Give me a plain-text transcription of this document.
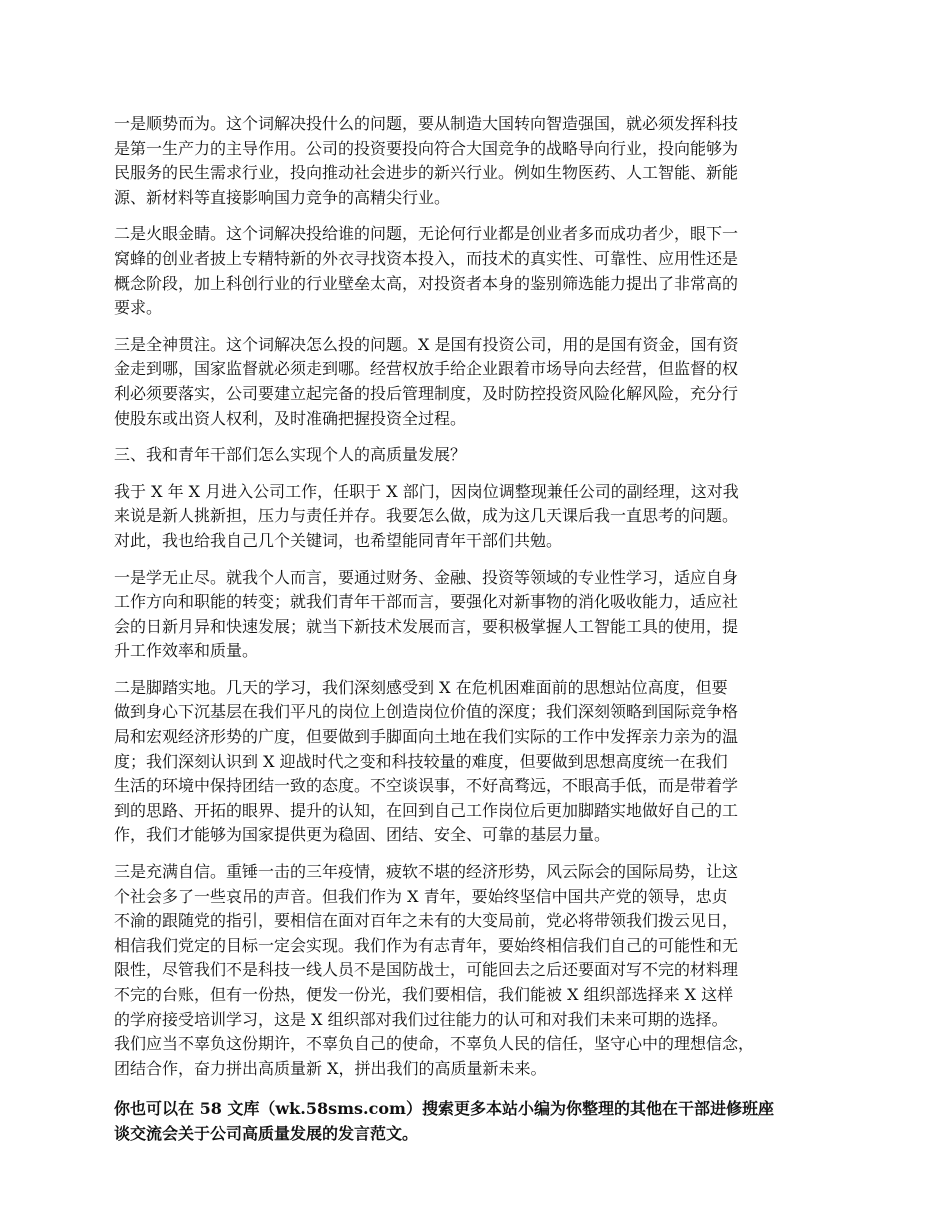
一是顺势而为。这个词解决投什么的问题，要从制造大国转向智造强国，就必须发挥科技
是第一生产力的主导作用。公司的投资要投向符合大国竞争的战略导向行业，投向能够为
民服务的民生需求行业，投向推动社会进步的新兴行业。例如生物医药、人工智能、新能
源、新材料等直接影响国力竞争的高精尖行业。

二是火眼金睛。这个词解决投给谁的问题，无论何行业都是创业者多而成功者少，眼下一
窝蜂的创业者披上专精特新的外衣寻找资本投入，而技术的真实性、可靠性、应用性还是
概念阶段，加上科创行业的行业壁垒太高，对投资者本身的鉴别筛选能力提出了非常高的
要求。

三是全神贯注。这个词解决怎么投的问题。X 是国有投资公司，用的是国有资金，国有资
金走到哪，国家监督就必须走到哪。经营权放手给企业跟着市场导向去经营，但监督的权
利必须要落实，公司要建立起完备的投后管理制度，及时防控投资风险化解风险，充分行
使股东或出资人权利，及时准确把握投资全过程。

三、我和青年干部们怎么实现个人的高质量发展？

我于 X 年 X 月进入公司工作，任职于 X 部门，因岗位调整现兼任公司的副经理，这对我
来说是新人挑新担，压力与责任并存。我要怎么做，成为这几天课后我一直思考的问题。
对此，我也给我自己几个关键词，也希望能同青年干部们共勉。

一是学无止尽。就我个人而言，要通过财务、金融、投资等领域的专业性学习，适应自身
工作方向和职能的转变；就我们青年干部而言，要强化对新事物的消化吸收能力，适应社
会的日新月异和快速发展；就当下新技术发展而言，要积极掌握人工智能工具的使用，提
升工作效率和质量。

二是脚踏实地。几天的学习，我们深刻感受到 X 在危机困难面前的思想站位高度，但要
做到身心下沉基层在我们平凡的岗位上创造岗位价值的深度；我们深刻领略到国际竞争格
局和宏观经济形势的广度，但要做到手脚面向土地在我们实际的工作中发挥亲力亲为的温
度；我们深刻认识到 X 迎战时代之变和科技较量的难度，但要做到思想高度统一在我们
生活的环境中保持团结一致的态度。不空谈误事，不好高骛远，不眼高手低，而是带着学
到的思路、开拓的眼界、提升的认知，在回到自己工作岗位后更加脚踏实地做好自己的工
作，我们才能够为国家提供更为稳固、团结、安全、可靠的基层力量。

三是充满自信。重锤一击的三年疫情，疲软不堪的经济形势，风云际会的国际局势，让这
个社会多了一些哀吊的声音。但我们作为 X 青年，要始终坚信中国共产党的领导，忠贞
不渝的跟随党的指引，要相信在面对百年之未有的大变局前，党必将带领我们拨云见日，
相信我们党定的目标一定会实现。我们作为有志青年，要始终相信我们自己的可能性和无
限性，尽管我们不是科技一线人员不是国防战士，可能回去之后还要面对写不完的材料理
不完的台账，但有一份热，便发一份光，我们要相信，我们能被 X 组织部选择来 X 这样
的学府接受培训学习，这是 X 组织部对我们过往能力的认可和对我们未来可期的选择。
我们应当不辜负这份期许，不辜负自己的使命，不辜负人民的信任，坚守心中的理想信念，
团结合作，奋力拼出高质量新 X，拼出我们的高质量新未来。

你也可以在 58 文库（wk.58sms.com）搜索更多本站小编为你整理的其他在干部进修班座
谈交流会关于公司高质量发展的发言范文。
